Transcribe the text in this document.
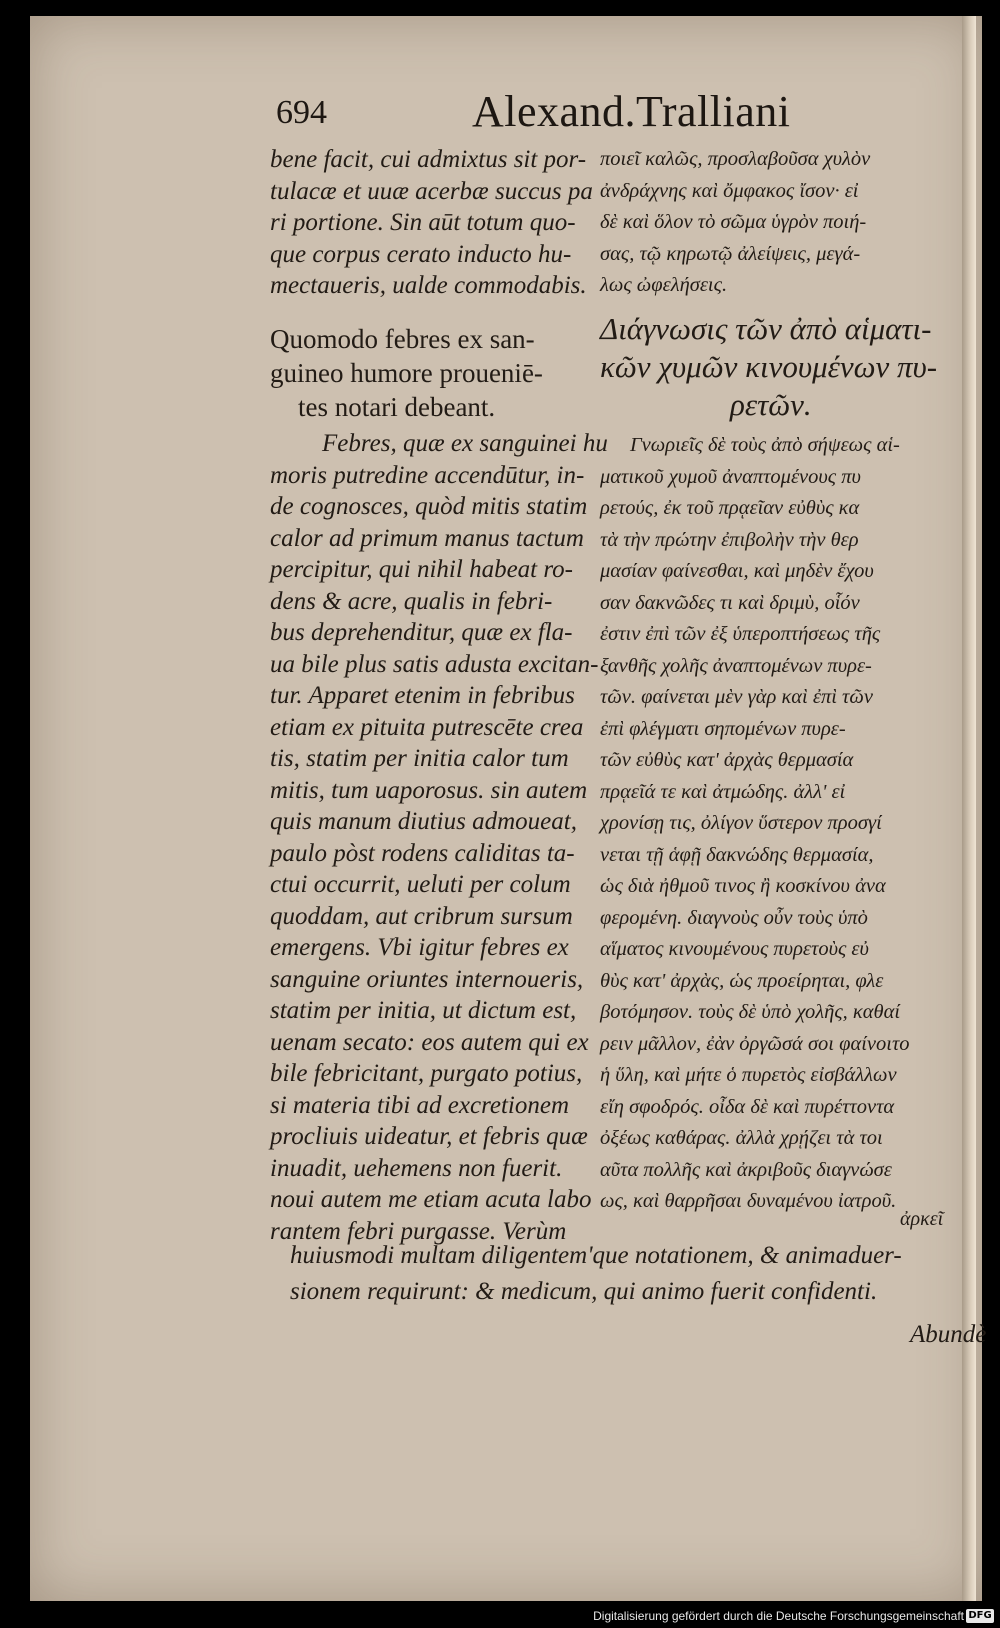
694	Alexand.Tralliani
bene facit, cui admixtus sit por-
tulacæ et uuæ acerbæ succus pa
ri portione. Sin aūt totum quo-
que corpus cerato inducto hu-
mectaueris, ualde commodabis.
Quomodo febres ex san-
guineo humore proueniē-
tes notari debeant.
Febres, quæ ex sanguinei hu
moris putredine accendūtur, in-
de cognosces, quòd mitis statim
calor ad primum manus tactum
percipitur, qui nihil habeat ro-
dens & acre, qualis in febri-
bus deprehenditur, quæ ex fla-
ua bile plus satis adusta excitan-
tur. Apparet etenim in febribus
etiam ex pituita putrescēte crea
tis, statim per initia calor tum
mitis, tum uaporosus. sin autem
quis manum diutius admoueat,
paulo pòst rodens caliditas ta-
ctui occurrit, ueluti per colum
quoddam, aut cribrum sursum
emergens. Vbi igitur febres ex
sanguine oriuntes internoueris,
statim per initia, ut dictum est,
uenam secato: eos autem qui ex
bile febricitant, purgato potius,
si materia tibi ad excretionem
procliuis uideatur, et febris quæ
inuadit, uehemens non fuerit.
noui autem me etiam acuta labo
rantem febri purgasse. Verùm
ποιεῖ καλῶς, προσλαβοῦσα χυλὸν
ἀνδράχνης καὶ ὄμφακος ἴσον· εἰ
δὲ καὶ ὅλον τὸ σῶμα ὑγρὸν ποιή-
σας, τῷ κηρωτῷ ἀλείψεις, μεγά-
λως ὠφελήσεις.
Διάγνωσις τῶν ἀπὸ αἱματι-
κῶν χυμῶν κινουμένων πυ-
ρετῶν.
Γνωριεῖς δὲ τοὺς ἀπὸ σήψεως αἱ-
ματικοῦ χυμοῦ ἀναπτομένους πυ
ρετούς, ἐκ τοῦ πρᾳεῖαν εὐθὺς κα
τὰ τὴν πρώτην ἐπιβολὴν τὴν θερ
μασίαν φαίνεσθαι, καὶ μηδὲν ἔχου
σαν δακνῶδες τι καὶ δριμὺ, οἷόν
ἐστιν ἐπὶ τῶν ἐξ ὑπεροπτήσεως τῆς
ξανθῆς χολῆς ἀναπτομένων πυρε-
τῶν. φαίνεται μὲν γὰρ καὶ ἐπὶ τῶν
ἐπὶ φλέγματι σηπομένων πυρε-
τῶν εὐθὺς κατ' ἀρχὰς θερμασία
πρᾳεῖά τε καὶ ἀτμώδης. ἀλλ' εἰ
χρονίσῃ τις, ὀλίγον ὕστερον προσγί
νεται τῇ ἁφῇ δακνώδης θερμασία,
ὡς διὰ ἠθμοῦ τινος ἢ κοσκίνου ἀνα
φερομένη. διαγνοὺς οὖν τοὺς ὑπὸ
αἵματος κινουμένους πυρετοὺς εὐ
θὺς κατ' ἀρχὰς, ὡς προείρηται, φλε
βοτόμησον. τοὺς δὲ ὑπὸ χολῆς, καθαί
ρειν μᾶλλον, ἐὰν ὀργῶσά σοι φαίνοιτο
ἡ ὕλη, καὶ μήτε ὁ πυρετὸς εἰσβάλλων
εἴη σφοδρός. οἶδα δὲ καὶ πυρέττοντα
ὀξέως καθάρας. ἀλλὰ χρῄζει τὰ τοι
αῦτα πολλῆς καὶ ἀκριβοῦς διαγνώσε
ως, καὶ θαρρῆσαι δυναμένου ἰατροῦ.
ἀρκεῖ
huiusmodi multam diligentem'que notationem, & animaduer-
sionem requirunt: & medicum, qui animo fuerit confidenti.
Abundè
Digitalisierung gefördert durch die Deutsche Forschungsgemeinschaft DFG
